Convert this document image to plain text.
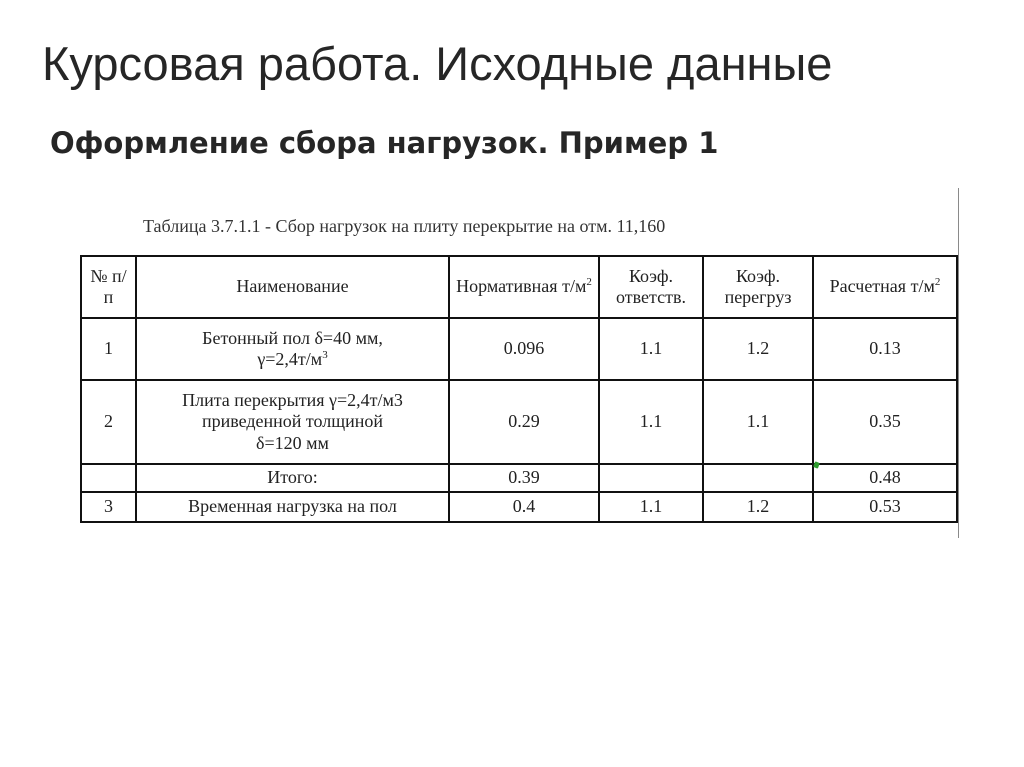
Курсовая работа. Исходные данные
Оформление сбора нагрузок. Пример 1
Таблица 3.7.1.1 - Сбор нагрузок на плиту перекрытие на отм. 11,160
№ п/п	Наименование	Нормативная $т/м^2$	Коэф. ответств.	Коэф. перегруз	Расчетная $т/м^2$
1	Бетонный пол δ=40 мм,
$\gamma=2,4т/м^3$	0.096	1.1	1.2	0.13
2	Плита перекрытия γ=2,4т/м3
приведенной толщиной
δ=120 мм	0.29	1.1	1.1	0.35
	Итого:	0.39			0.48
3	Временная нагрузка на пол	0.4	1.1	1.2	0.53
